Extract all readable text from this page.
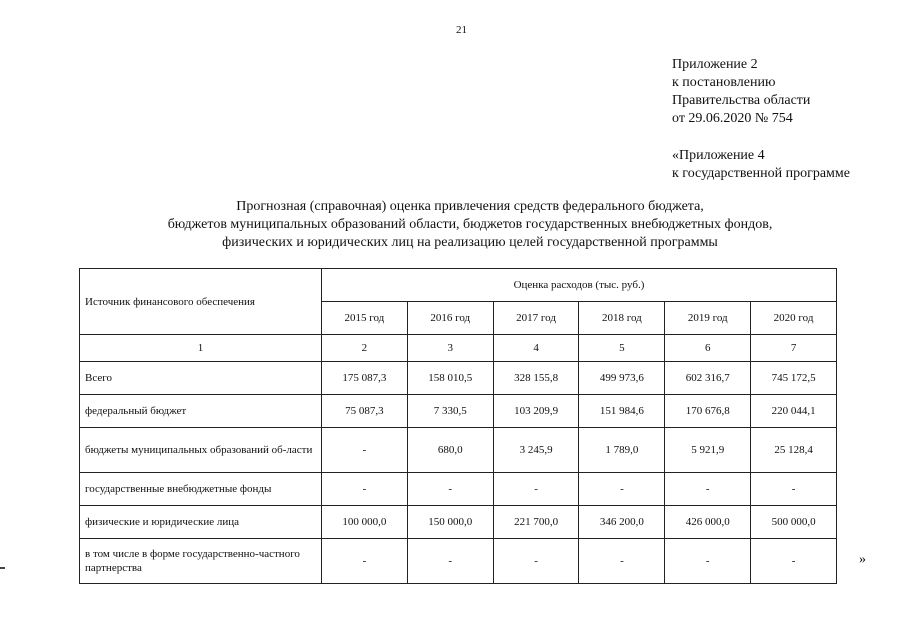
21
Приложение 2
к постановлению
Правительства области
от 29.06.2020 № 754
«Приложение 4
к государственной программе
Прогнозная (справочная) оценка привлечения средств федерального бюджета,
бюджетов муниципальных образований области, бюджетов государственных внебюджетных фондов,
физических и юридических лиц на реализацию целей государственной программы
Источник финансового обеспечения	Оценка расходов (тыс. руб.)					
	2015 год	2016 год	2017 год	2018 год	2019 год	2020 год
1	2	3	4	5	6	7
Всего	175 087,3	158 010,5	328 155,8	499 973,6	602 316,7	745 172,5
федеральный бюджет	75 087,3	7 330,5	103 209,9	151 984,6	170 676,8	220 044,1
бюджеты муниципальных образований об-ласти	-	680,0	3 245,9	1 789,0	5 921,9	25 128,4
государственные внебюджетные фонды	-	-	-	-	-	-
физические и юридические лица	100 000,0	150 000,0	221 700,0	346 200,0	426 000,0	500 000,0
в том числе в форме государственно-частного партнерства	-	-	-	-	-	-	»
